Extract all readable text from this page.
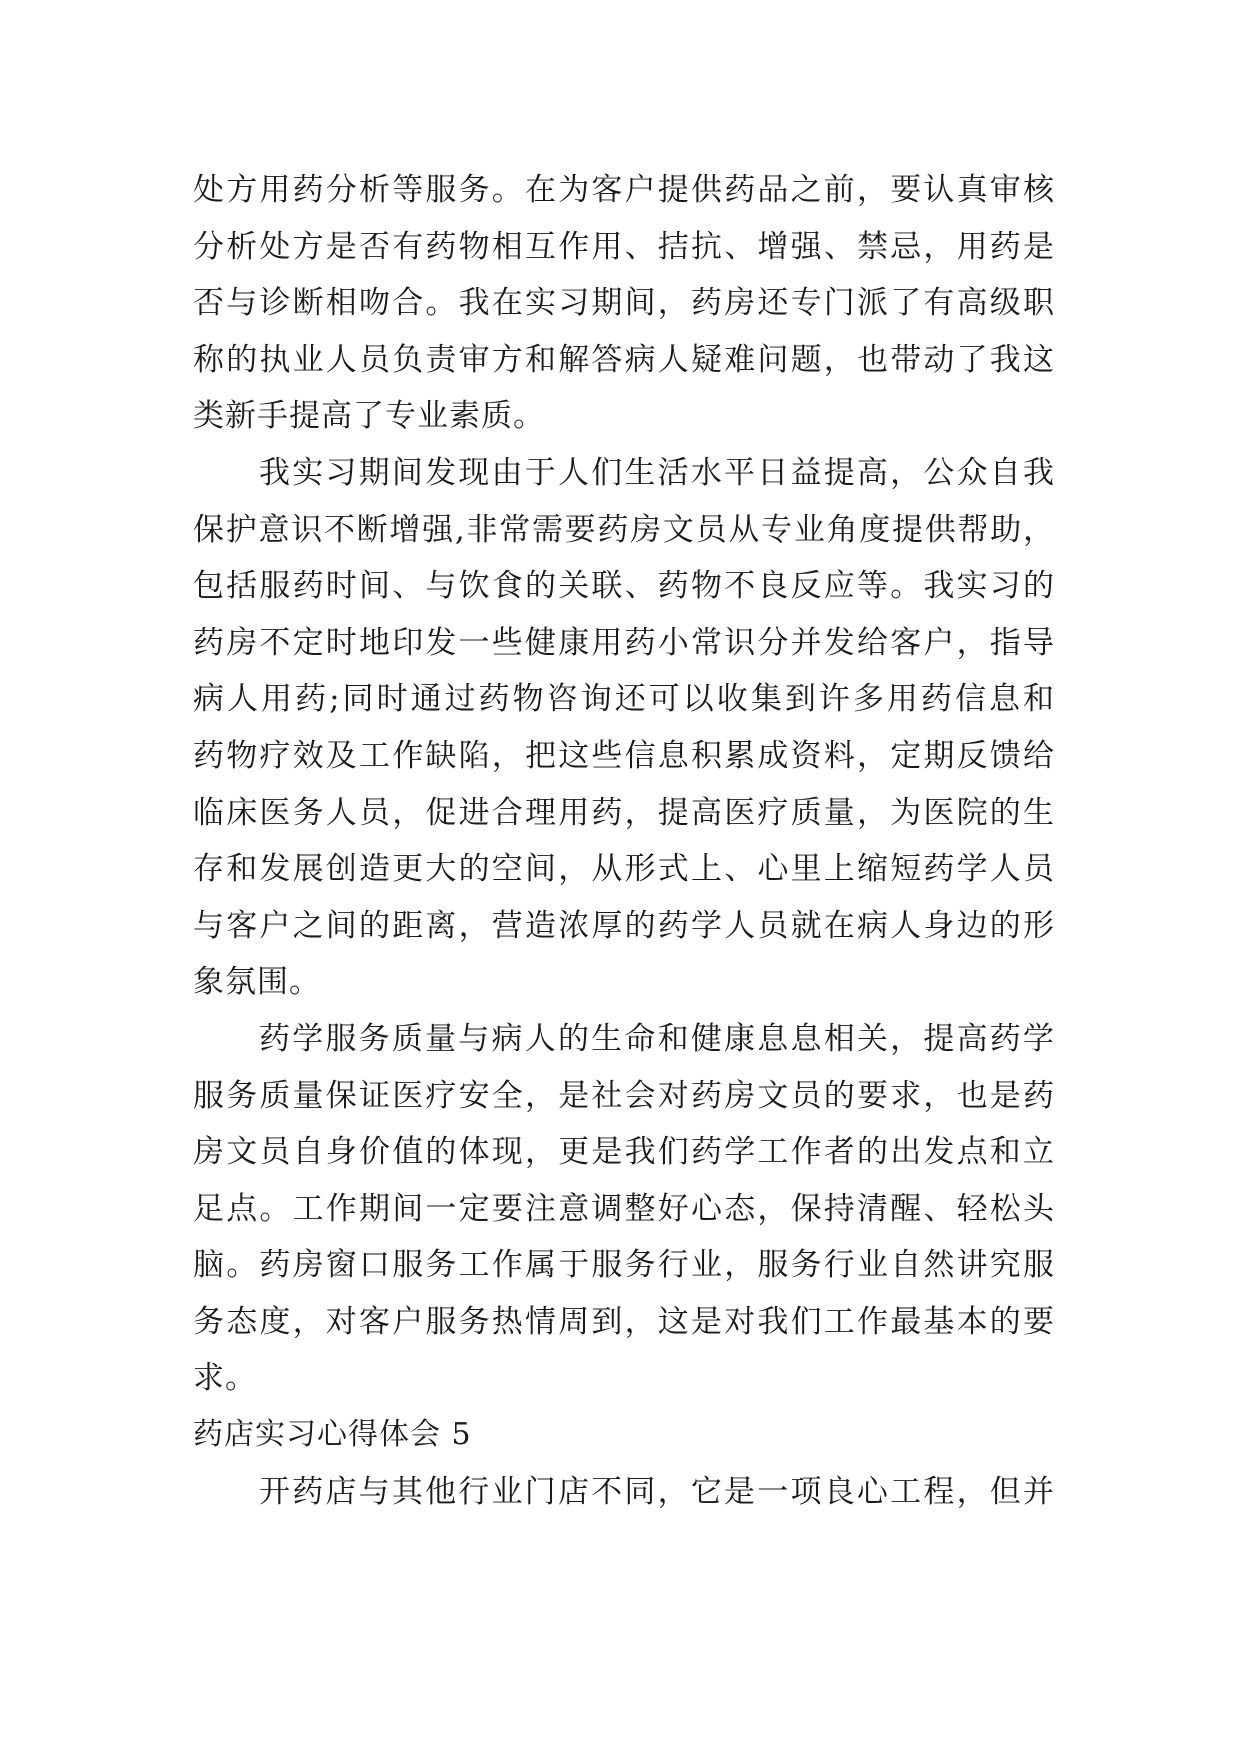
处方用药分析等服务。在为客户提供药品之前，要认真审核
分析处方是否有药物相互作用、拮抗、增强、禁忌，用药是
否与诊断相吻合。我在实习期间，药房还专门派了有高级职
称的执业人员负责审方和解答病人疑难问题，也带动了我这
类新手提高了专业素质。
我实习期间发现由于人们生活水平日益提高，公众自我
保护意识不断增强,非常需要药房文员从专业角度提供帮助，
包括服药时间、与饮食的关联、药物不良反应等。我实习的
药房不定时地印发一些健康用药小常识分并发给客户，指导
病人用药;同时通过药物咨询还可以收集到许多用药信息和
药物疗效及工作缺陷，把这些信息积累成资料，定期反馈给
临床医务人员，促进合理用药，提高医疗质量，为医院的生
存和发展创造更大的空间，从形式上、心里上缩短药学人员
与客户之间的距离，营造浓厚的药学人员就在病人身边的形
象氛围。
药学服务质量与病人的生命和健康息息相关，提高药学
服务质量保证医疗安全，是社会对药房文员的要求，也是药
房文员自身价值的体现，更是我们药学工作者的出发点和立
足点。工作期间一定要注意调整好心态，保持清醒、轻松头
脑。药房窗口服务工作属于服务行业，服务行业自然讲究服
务态度，对客户服务热情周到，这是对我们工作最基本的要
求。
药店实习心得体会 5
开药店与其他行业门店不同，它是一项良心工程，但并
